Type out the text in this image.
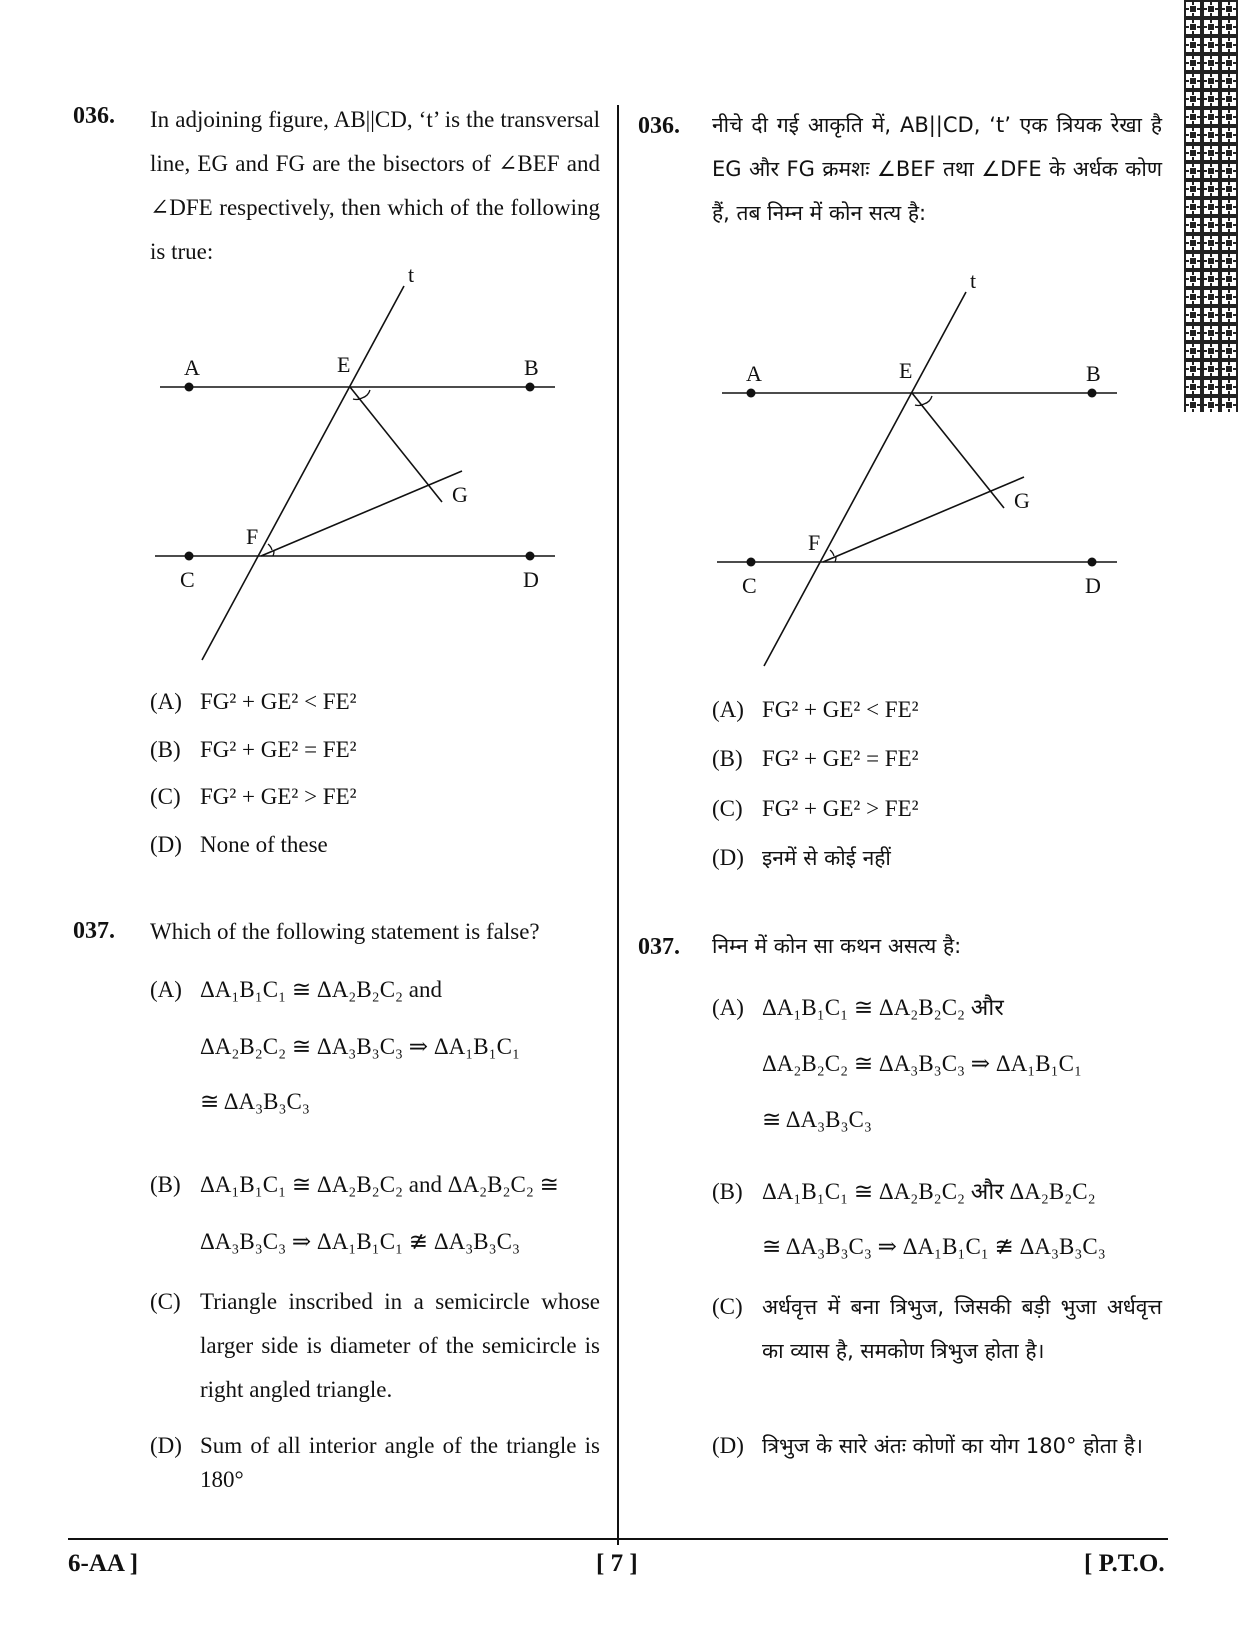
036. In adjoining figure, AB||CD, ‘t’ is the transversal line, EG and FG are the bisectors of ∠BEF and ∠DFE respectively, then which of the following is true:
t
A	E	B
G
F
C	D
(A) FG² + GE² < FE²
(B) FG² + GE² = FE²
(C) FG² + GE² > FE²
(D) None of these
037. Which of the following statement is false?
(A) ΔA₁B₁C₁ ≅ ΔA₂B₂C₂ and
ΔA₂B₂C₂ ≅ ΔA₃B₃C₃ ⇒ ΔA₁B₁C₁
≅ ΔA₃B₃C₃
(B) ΔA₁B₁C₁ ≅ ΔA₂B₂C₂ and ΔA₂B₂C₂ ≅
ΔA₃B₃C₃ ⇒ ΔA₁B₁C₁ ≇ ΔA₃B₃C₃
(C) Triangle inscribed in a semicircle whose larger side is diameter of the semicircle is right angled triangle.
(D) Sum of all interior angle of the triangle is 180°
036. नीचे दी गई आकृति में, AB||CD, ‘t’ एक त्रियक रेखा है EG और FG क्रमशः ∠BEF तथा ∠DFE के अर्धक कोण हैं, तब निम्न में कोन सत्य है:
t
A	E	B
G
F
C	D
(A) FG² + GE² < FE²
(B) FG² + GE² = FE²
(C) FG² + GE² > FE²
(D) इनमें से कोई नहीं
037. निम्न में कोन सा कथन असत्य है:
(A) ΔA₁B₁C₁ ≅ ΔA₂B₂C₂ और
ΔA₂B₂C₂ ≅ ΔA₃B₃C₃ ⇒ ΔA₁B₁C₁
≅ ΔA₃B₃C₃
(B) ΔA₁B₁C₁ ≅ ΔA₂B₂C₂ और ΔA₂B₂C₂
≅ ΔA₃B₃C₃ ⇒ ΔA₁B₁C₁ ≇ ΔA₃B₃C₃
(C) अर्धवृत्त में बना त्रिभुज, जिसकी बड़ी भुजा अर्धवृत्त का व्यास है, समकोण त्रिभुज होता है।
(D) त्रिभुज के सारे अंतः कोणों का योग 180° होता है।
6-AA ]	[ 7 ]	[ P.T.O.
